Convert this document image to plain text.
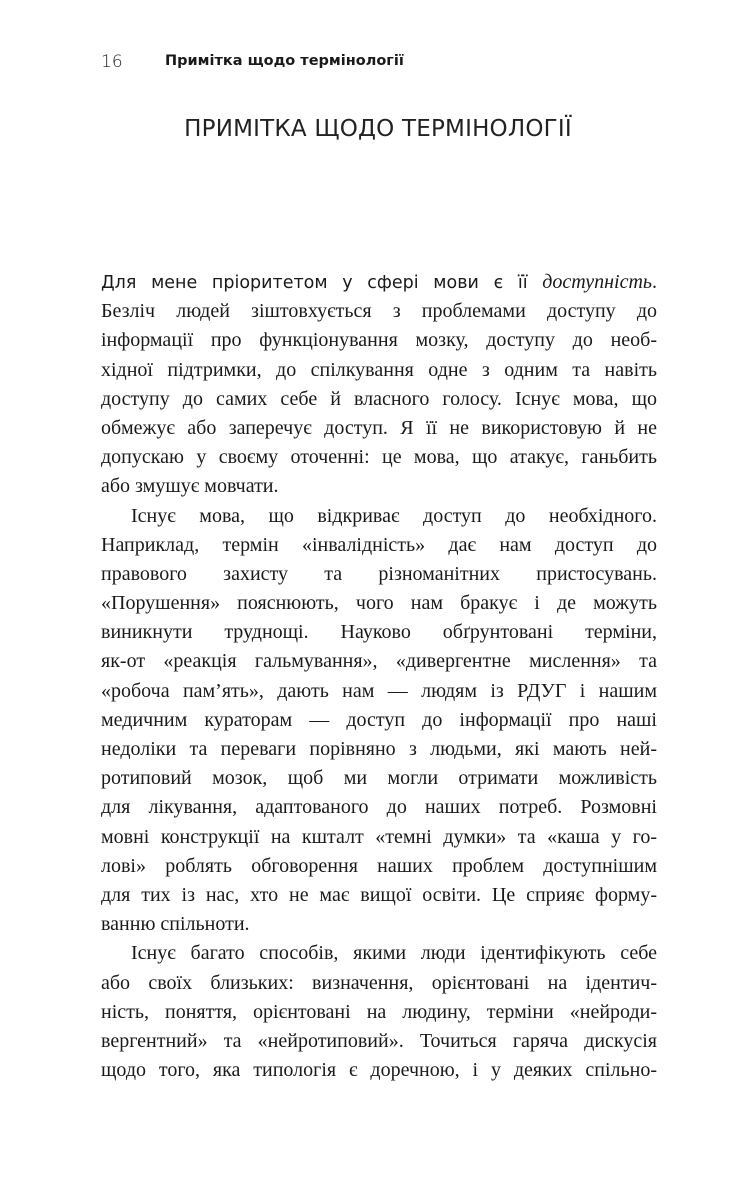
16	Примітка щодо термінології
ПРИМІТКА ЩОДО ТЕРМІНОЛОГІЇ
Для мене пріоритетом у сфері мови є її доступність.
Безліч людей зіштовхується з проблемами доступу до
інформації про функціонування мозку, доступу до необ-
хідної підтримки, до спілкування одне з одним та навіть
доступу до самих себе й власного голосу. Існує мова, що
обмежує або заперечує доступ. Я її не використовую й не
допускаю у своєму оточенні: це мова, що атакує, ганьбить
або змушує мовчати.
Існує мова, що відкриває доступ до необхідного.
Наприклад, термін «інвалідність» дає нам доступ до
правового захисту та різноманітних пристосувань.
«Порушення» пояснюють, чого нам бракує і де можуть
виникнути труднощі. Науково обґрунтовані терміни,
як-от «реакція гальмування», «дивергентне мислення» та
«робоча пам’ять», дають нам — людям із РДУГ і нашим
медичним кураторам — доступ до інформації про наші
недоліки та переваги порівняно з людьми, які мають ней-
ротиповий мозок, щоб ми могли отримати можливість
для лікування, адаптованого до наших потреб. Розмовні
мовні конструкції на кшталт «темні думки» та «каша у го-
лові» роблять обговорення наших проблем доступнішим
для тих із нас, хто не має вищої освіти. Це сприяє форму-
ванню спільноти.
Існує багато способів, якими люди ідентифікують себе
або своїх близьких: визначення, орієнтовані на ідентич-
ність, поняття, орієнтовані на людину, терміни «нейроди-
вергентний» та «нейротиповий». Точиться гаряча дискусія
щодо того, яка типологія є доречною, і у деяких спільно-
